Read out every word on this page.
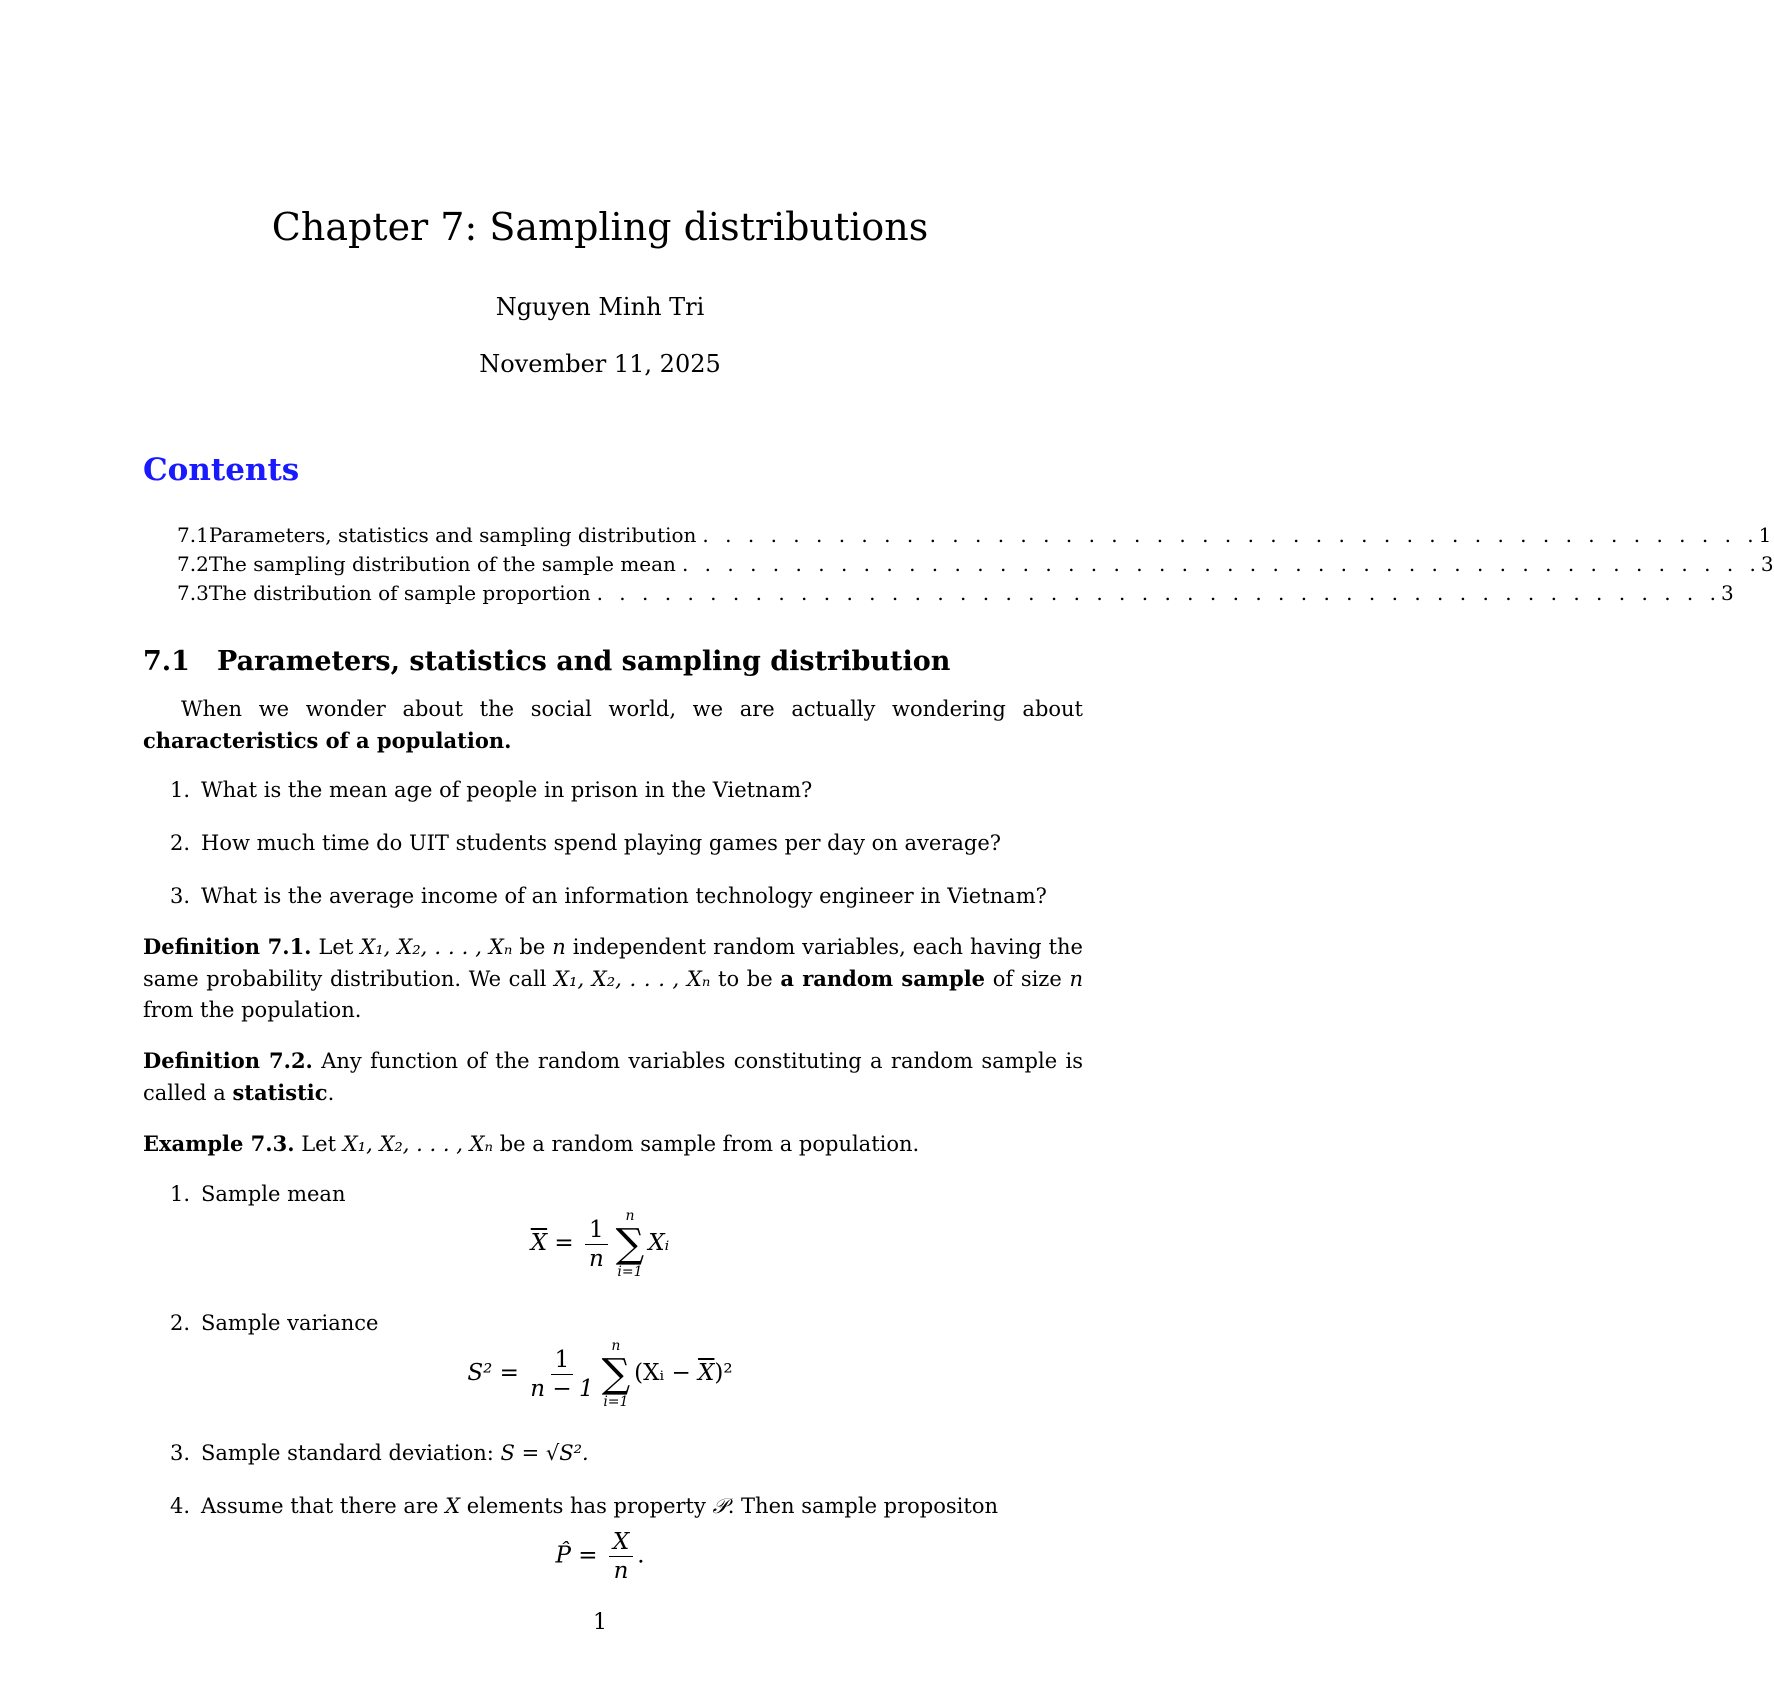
Chapter 7: Sampling distributions
Nguyen Minh Tri
November 11, 2025
Contents
7.1 Parameters, statistics and sampling distribution . . . . . . . . . . . . . . . . . . . . . . . . . . . . . . . . . . . . . . . . . . . . . . . 1
7.2 The sampling distribution of the sample mean . . . . . . . . . . . . . . . . . . . . . . . . . . . . . . . . . . . . . . . . . . . . . . . . 3
7.3 The distribution of sample proportion . . . . . . . . . . . . . . . . . . . . . . . . . . . . . . . . . . . . . . . . . . . . . . . . . . 3
7.1 Parameters, statistics and sampling distribution
When we wonder about the social world, we are actually wondering about characteristics of a population.
1. What is the mean age of people in prison in the Vietnam?
2. How much time do UIT students spend playing games per day on average?
3. What is the average income of an information technology engineer in Vietnam?
Definition 7.1. Let X₁, X₂, . . . , Xₙ be n independent random variables, each having the same probability distribution. We call X₁, X₂, . . . , Xₙ to be a random sample of size n from the population.
Definition 7.2. Any function of the random variables constituting a random sample is called a statistic.
Example 7.3. Let X₁, X₂, . . . , Xₙ be a random sample from a population.
1. Sample mean
$\overline{X} = \frac{1}{n}$ n
∑
i=1
Xᵢ
2. Sample variance
$S^2 = \frac{1}{n - 1}$ n
∑
i=1
(Xᵢ − $\overline{X})^2$
3. Sample standard deviation: S = √S².
4. Assume that there are X elements has property 𝒫. Then sample propositon
P̂ = $\frac{X}{n}$ .
1
